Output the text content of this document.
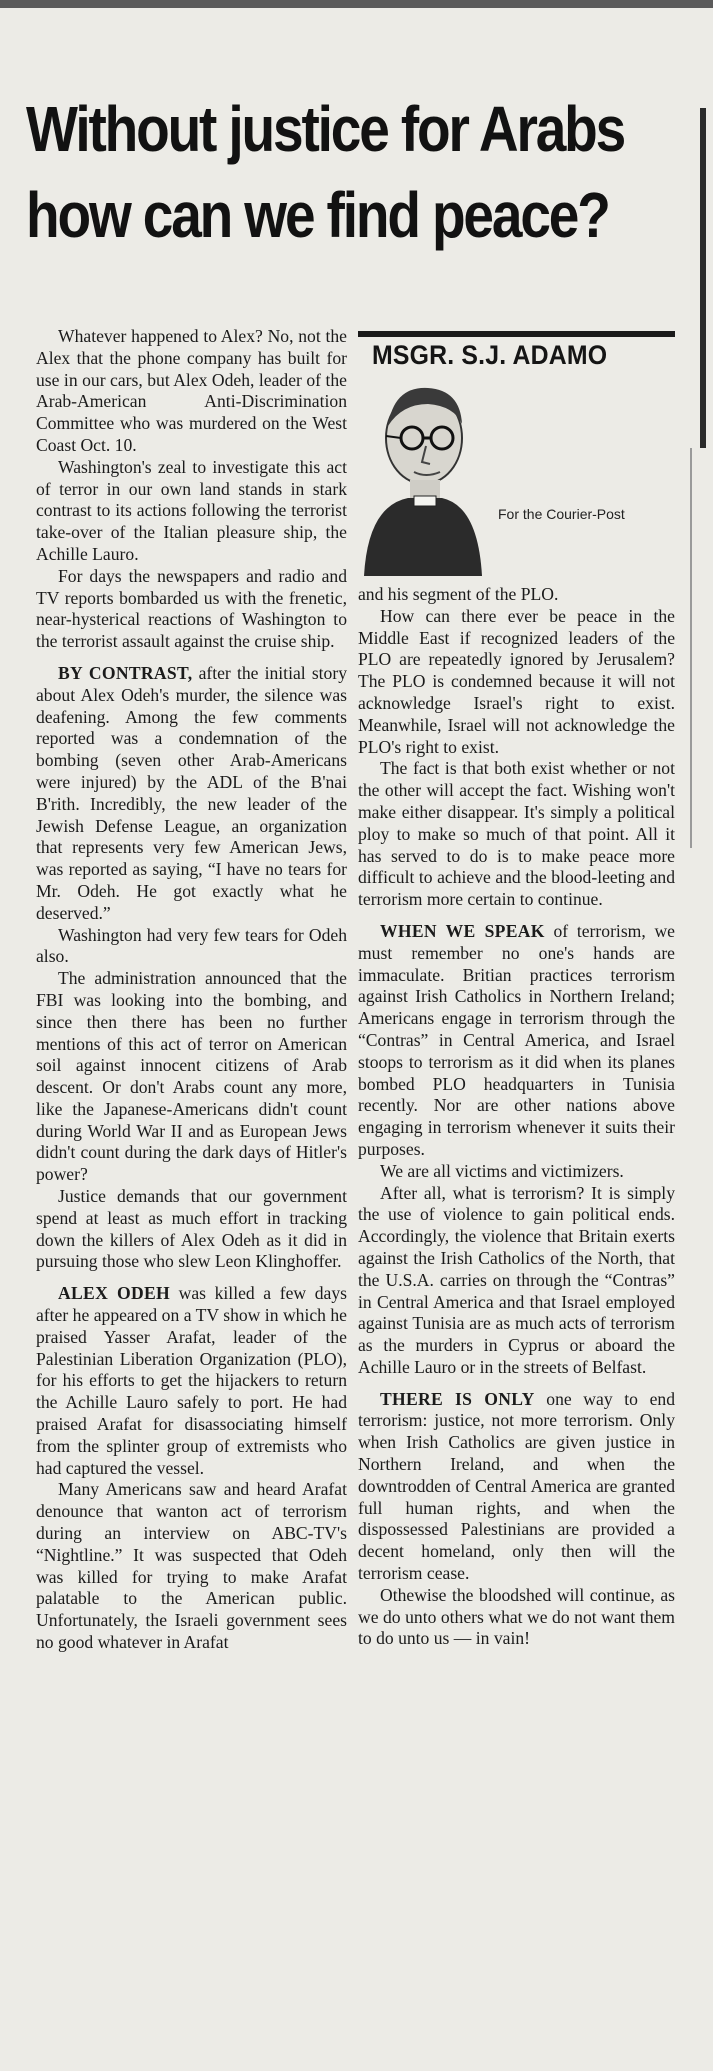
Without justice for Arabs
how can we find peace?
MSGR. S.J. ADAMO
For the Courier-Post

Whatever happened to Alex? No, not the Alex that the phone company has built for use in our cars, but Alex Odeh, leader of the Arab-American Anti-Discrimination Committee who was murdered on the West Coast Oct. 10.

Washington's zeal to investigate this act of terror in our own land stands in stark contrast to its actions following the terrorist take-over of the Italian pleasure ship, the Achille Lauro.

For days the newspapers and radio and TV reports bombarded us with the frenetic, near-hysterical reactions of Washington to the terrorist assault against the cruise ship.

BY CONTRAST, after the initial story about Alex Odeh's murder, the silence was deafening. Among the few comments reported was a condemnation of the bombing (seven other Arab-Americans were injured) by the ADL of the B'nai B'rith. Incredibly, the new leader of the Jewish Defense League, an organization that represents very few American Jews, was reported as saying, “I have no tears for Mr. Odeh. He got exactly what he deserved.”

Washington had very few tears for Odeh also.

The administration announced that the FBI was looking into the bombing, and since then there has been no further mentions of this act of terror on American soil against innocent citizens of Arab descent. Or don't Arabs count any more, like the Japanese-Americans didn't count during World War II and as European Jews didn't count during the dark days of Hitler's power?

Justice demands that our government spend at least as much effort in tracking down the killers of Alex Odeh as it did in pursuing those who slew Leon Klinghoffer.

ALEX ODEH was killed a few days after he appeared on a TV show in which he praised Yasser Arafat, leader of the Palestinian Liberation Organization (PLO), for his efforts to get the hijackers to return the Achille Lauro safely to port. He had praised Arafat for disassociating himself from the splinter group of extremists who had captured the vessel.

Many Americans saw and heard Arafat denounce that wanton act of terrorism during an interview on ABC-TV's “Nightline.” It was suspected that Odeh was killed for trying to make Arafat palatable to the American public. Unfortunately, the Israeli government sees no good whatever in Arafat

and his segment of the PLO.

How can there ever be peace in the Middle East if recognized leaders of the PLO are repeatedly ignored by Jerusalem? The PLO is condemned because it will not acknowledge Israel's right to exist. Meanwhile, Israel will not acknowledge the PLO's right to exist.

The fact is that both exist whether or not the other will accept the fact. Wishing won't make either disappear. It's simply a political ploy to make so much of that point. All it has served to do is to make peace more difficult to achieve and the blood-leeting and terrorism more certain to continue.

WHEN WE SPEAK of terrorism, we must remember no one's hands are immaculate. Britian practices terrorism against Irish Catholics in Northern Ireland; Americans engage in terrorism through the “Contras” in Central America, and Israel stoops to terrorism as it did when its planes bombed PLO headquarters in Tunisia recently. Nor are other nations above engaging in terrorism whenever it suits their purposes.

We are all victims and victimizers.

After all, what is terrorism? It is simply the use of violence to gain political ends. Accordingly, the violence that Britain exerts against the Irish Catholics of the North, that the U.S.A. carries on through the “Contras” in Central America and that Israel employed against Tunisia are as much acts of terrorism as the murders in Cyprus or aboard the Achille Lauro or in the streets of Belfast.

THERE IS ONLY one way to end terrorism: justice, not more terrorism. Only when Irish Catholics are given justice in Northern Ireland, and when the downtrodden of Central America are granted full human rights, and when the dispossessed Palestinians are provided a decent homeland, only then will the terrorism cease.

Othewise the bloodshed will continue, as we do unto others what we do not want them to do unto us — in vain!
